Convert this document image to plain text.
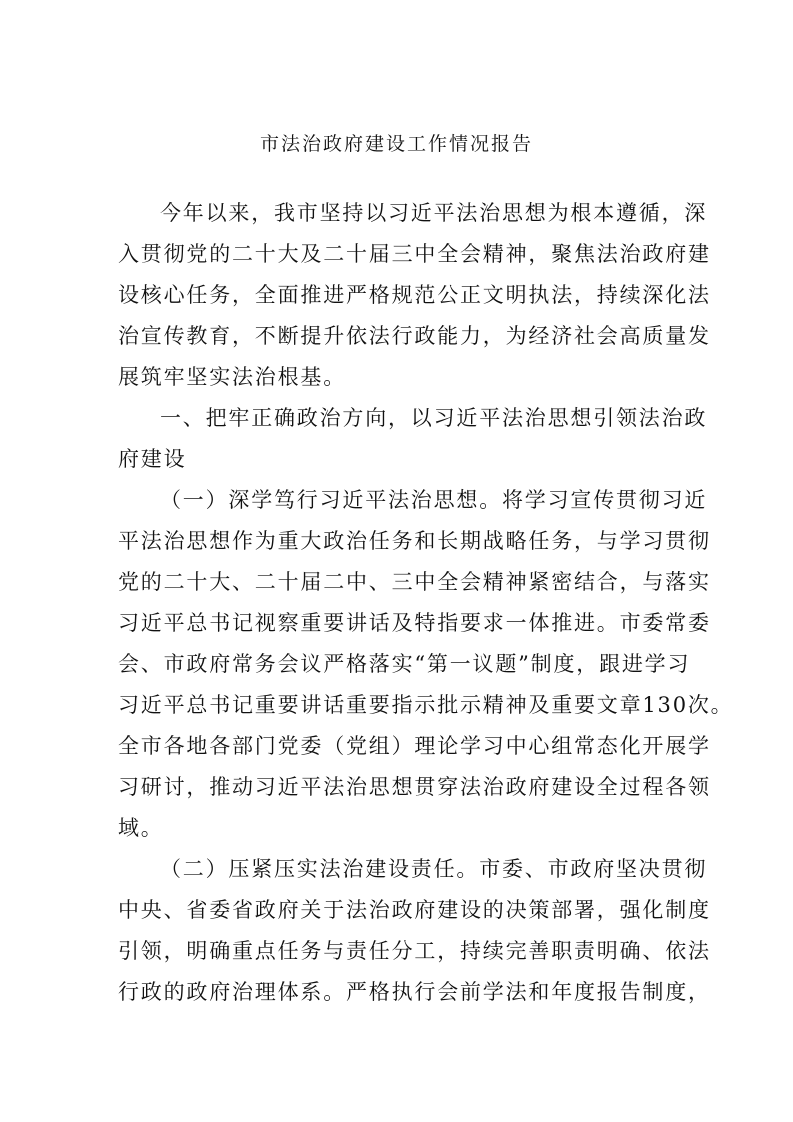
市法治政府建设工作情况报告
今年以来，我市坚持以习近平法治思想为根本遵循，深
入贯彻党的二十大及二十届三中全会精神，聚焦法治政府建
设核心任务，全面推进严格规范公正文明执法，持续深化法
治宣传教育，不断提升依法行政能力，为经济社会高质量发
展筑牢坚实法治根基。
一、把牢正确政治方向，以习近平法治思想引领法治政
府建设
（一）深学笃行习近平法治思想。将学习宣传贯彻习近
平法治思想作为重大政治任务和长期战略任务，与学习贯彻
党的二十大、二十届二中、三中全会精神紧密结合，与落实
习近平总书记视察重要讲话及特指要求一体推进。市委常委
会、市政府常务会议严格落实“第一议题”制度，跟进学习
习近平总书记重要讲话重要指示批示精神及重要文章130次。
全市各地各部门党委（党组）理论学习中心组常态化开展学
习研讨，推动习近平法治思想贯穿法治政府建设全过程各领
域。
（二）压紧压实法治建设责任。市委、市政府坚决贯彻
中央、省委省政府关于法治政府建设的决策部署，强化制度
引领，明确重点任务与责任分工，持续完善职责明确、依法
行政的政府治理体系。严格执行会前学法和年度报告制度，
